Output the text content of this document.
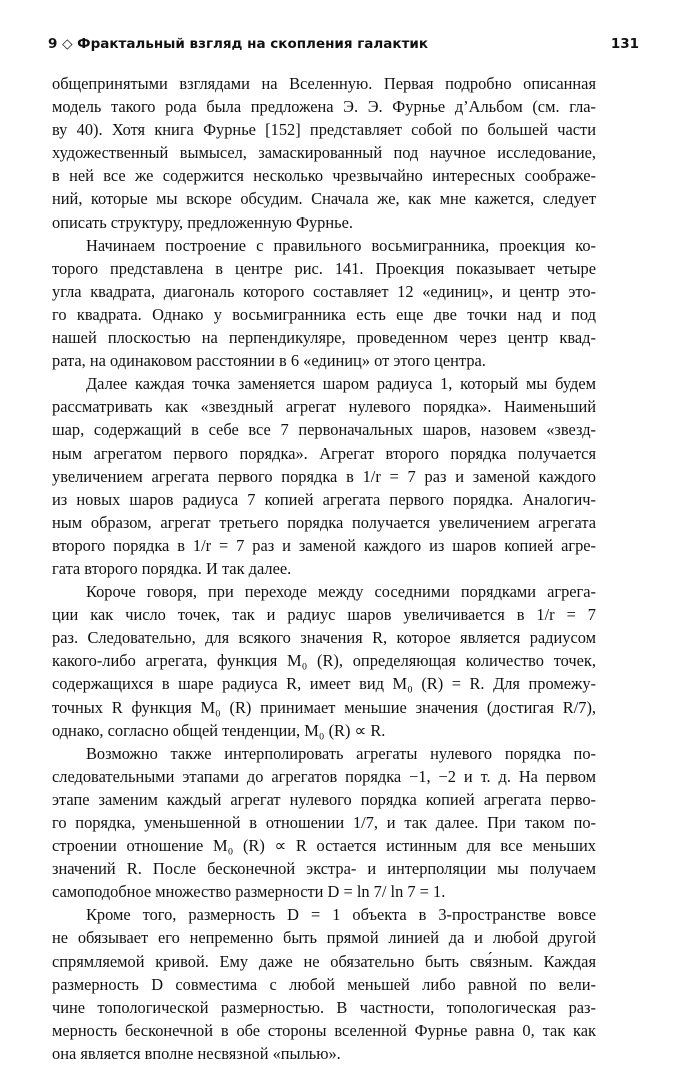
9 ◇ Фрактальный взгляд на скопления галактик	131
общепринятыми взглядами на Вселенную. Первая подробно описанная
модель такого рода была предложена Э. Э. Фурнье д’Альбом (см. гла-
ву 40). Хотя книга Фурнье [152] представляет собой по большей части
художественный вымысел, замаскированный под научное исследование,
в ней все же содержится несколько чрезвычайно интересных соображе-
ний, которые мы вскоре обсудим. Сначала же, как мне кажется, следует
описать структуру, предложенную Фурнье.
Начинаем построение с правильного восьмигранника, проекция ко-
торого представлена в центре рис. 141. Проекция показывает четыре
угла квадрата, диагональ которого составляет 12 «единиц», и центр это-
го квадрата. Однако у восьмигранника есть еще две точки над и под
нашей плоскостью на перпендикуляре, проведенном через центр квад-
рата, на одинаковом расстоянии в 6 «единиц» от этого центра.
Далее каждая точка заменяется шаром радиуса 1, который мы будем
рассматривать как «звездный агрегат нулевого порядка». Наименьший
шар, содержащий в себе все 7 первоначальных шаров, назовем «звезд-
ным агрегатом первого порядка». Агрегат второго порядка получается
увеличением агрегата первого порядка в 1/r = 7 раз и заменой каждого
из новых шаров радиуса 7 копией агрегата первого порядка. Аналогич-
ным образом, агрегат третьего порядка получается увеличением агрегата
второго порядка в 1/r = 7 раз и заменой каждого из шаров копией агре-
гата второго порядка. И так далее.
Короче говоря, при переходе между соседними порядками агрега-
ции как число точек, так и радиус шаров увеличивается в 1/r = 7
раз. Следовательно, для всякого значения R, которое является радиусом
какого-либо агрегата, функция M₀ (R), определяющая количество точек,
содержащихся в шаре радиуса R, имеет вид M₀ (R) = R. Для промежу-
точных R функция M₀ (R) принимает меньшие значения (достигая R/7),
однако, согласно общей тенденции, M₀ (R) ∝ R.
Возможно также интерполировать агрегаты нулевого порядка по-
следовательными этапами до агрегатов порядка −1, −2 и т. д. На первом
этапе заменим каждый агрегат нулевого порядка копией агрегата перво-
го порядка, уменьшенной в отношении 1/7, и так далее. При таком по-
строении отношение M₀ (R) ∝ R остается истинным для все меньших
значений R. После бесконечной экстра- и интерполяции мы получаем
самоподобное множество размерности D = ln 7/ ln 7 = 1.
Кроме того, размерность D = 1 объекта в 3-пространстве вовсе
не обязывает его непременно быть прямой линией да и любой другой
спрямляемой кривой. Ему даже не обязательно быть свя́зным. Каждая
размерность D совместима с любой меньшей либо равной по вели-
чине топологической размерностью. В частности, топологическая раз-
мерность бесконечной в обе стороны вселенной Фурнье равна 0, так как
она является вполне несвязной «пылью».
